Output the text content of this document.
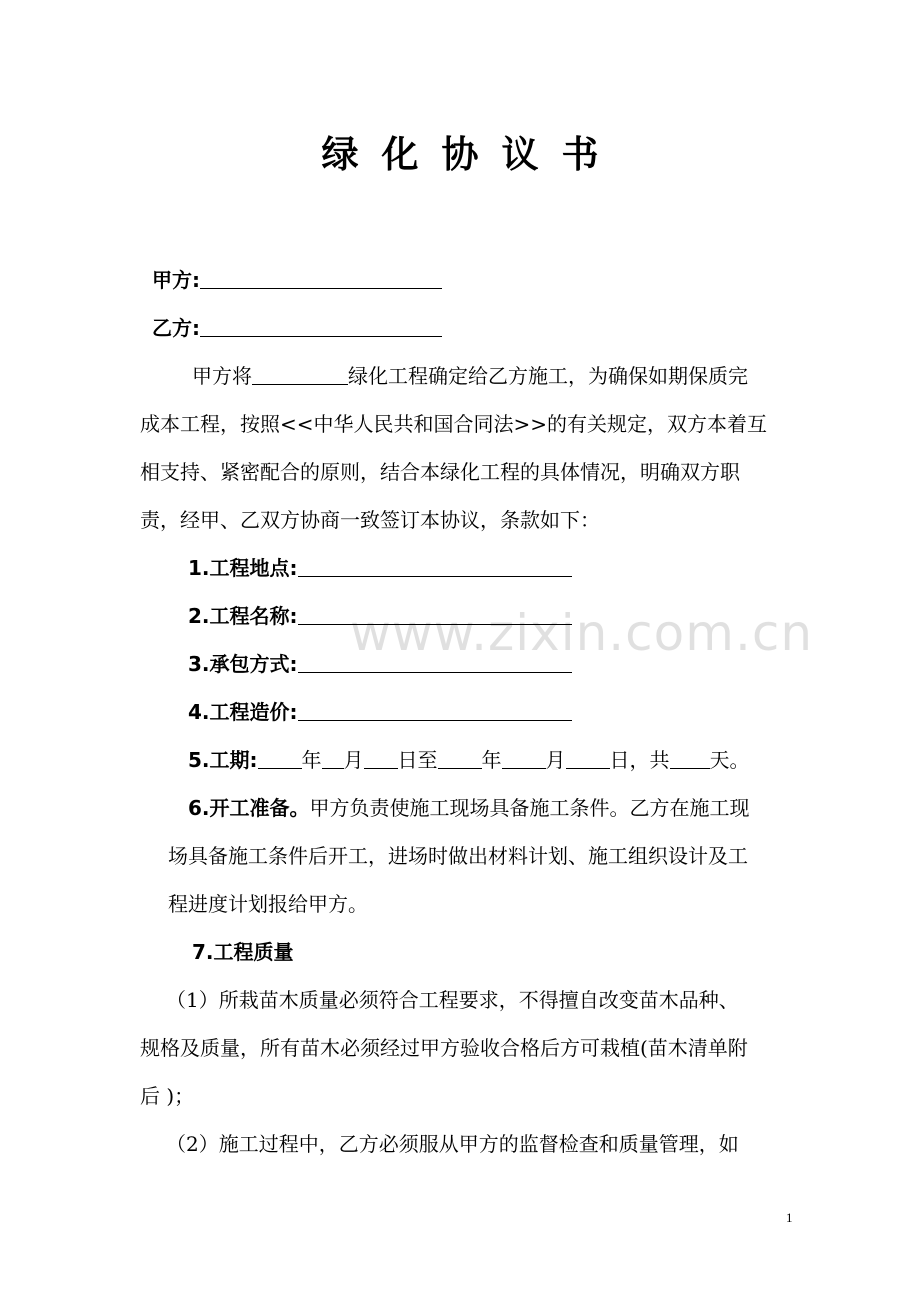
绿化协议书
甲方:
乙方:
甲方将	绿化工程确定给乙方施工，为确保如期保质完
成本工程，按照<<中华人民共和国合同法>>的有关规定，双方本着互
相支持、紧密配合的原则，结合本绿化工程的具体情况，明确双方职
责，经甲、乙双方协商一致签订本协议，条款如下：
1.工程地点:
2.工程名称:
3.承包方式:
4.工程造价:
5.工期: 年 月 日至 年 月 日，共 天。
6.开工准备。甲方负责使施工现场具备施工条件。乙方在施工现
场具备施工条件后开工，进场时做出材料计划、施工组织设计及工
程进度计划报给甲方。
7.工程质量
（1）所栽苗木质量必须符合工程要求，不得擅自改变苗木品种、
规格及质量，所有苗木必须经过甲方验收合格后方可栽植(苗木清单附
后 )；
（2）施工过程中，乙方必须服从甲方的监督检查和质量管理，如
www.zixin.com.cn
1
